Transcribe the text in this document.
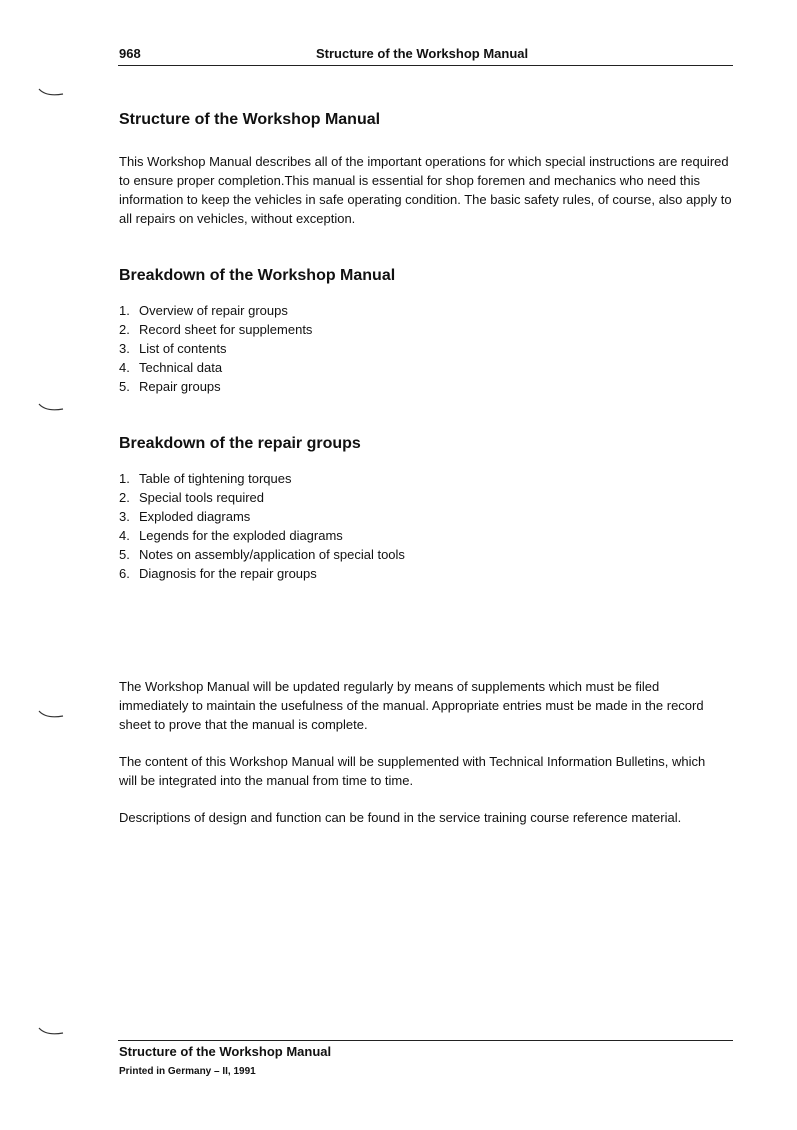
968	Structure of the Workshop Manual
Structure of the Workshop Manual

This Workshop Manual describes all of the important operations for which special instructions are required to ensure proper completion.This manual is essential for shop foremen and mechanics who need this information to keep the vehicles in safe operating condition. The basic safety rules, of course, also apply to all repairs on vehicles, without exception.

Breakdown of the Workshop Manual
1. Overview of repair groups
2. Record sheet for supplements
3. List of contents
4. Technical data
5. Repair groups
Breakdown of the repair groups
1. Table of tightening torques
2. Special tools required
3. Exploded diagrams
4. Legends for the exploded diagrams
5. Notes on assembly/application of special tools
6. Diagnosis for the repair groups

The Workshop Manual will be updated regularly by means of supplements which must be filed immediately to maintain the usefulness of the manual. Appropriate entries must be made in the record sheet to prove that the manual is complete.

The content of this Workshop Manual will be supplemented with Technical Information Bulletins, which will be integrated into the manual from time to time.

Descriptions of design and function can be found in the service training course reference material.

Structure of the Workshop Manual
Printed in Germany – II, 1991
